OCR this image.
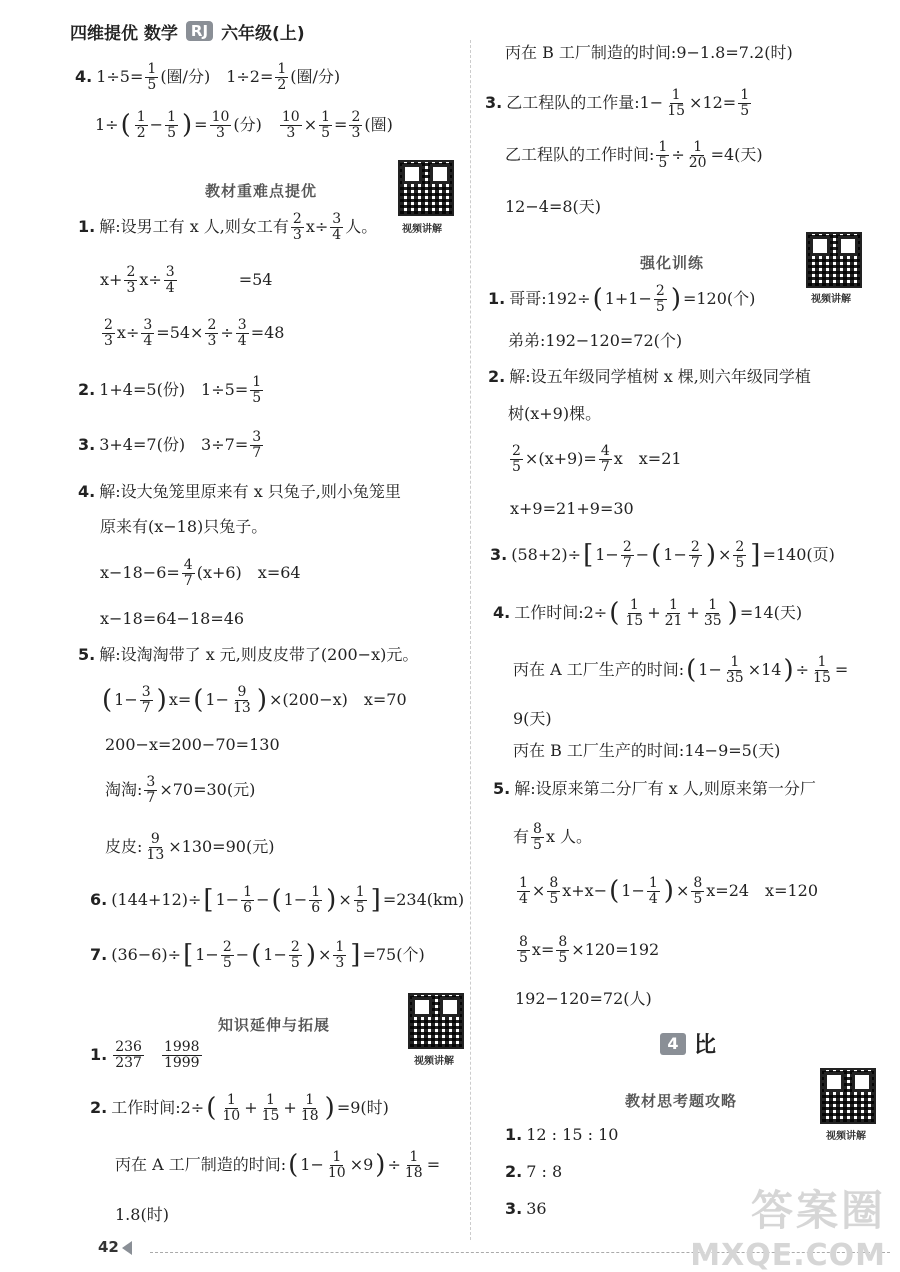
四维提优 数学 RJ 六年级(上)
4. $1\div 5= \frac{1}{5}$ (圈/分)　$1\div 2= \frac{1}{2}$ (圈/分)
1÷ ( $\frac{1}{2} - \frac{1}{5}$ ) = $\frac{10}{3}$ (分)　 $\frac{10}{3} \times \frac{1}{5} = \frac{2}{3}$ (圈)
教材重难点提优
视频讲解
1. 解:设男工有 x 人,则女工有 $\frac{2}{3} x\div \frac{3}{4}$ 人。
$x+ \frac{2}{3} x\div \frac{3}{4}$	=54
$\frac{2}{3} x\div \frac{3}{4} =54\times \frac{2}{3} \div \frac{3}{4} =48$
2. 1+4=5(份)　$1\div 5= \frac{1}{5}$
3. 3+4=7(份)　$3\div 7= \frac{3}{7}$
4. 解:设大兔笼里原来有 x 只兔子,则小兔笼里
原来有(x−18)只兔子。
$x-18-6= \frac{4}{7} (x+6)$　x=64
x−18=64−18=46
5. 解:设淘淘带了 x 元,则皮皮带了(200−x)元。
( $1- \frac{3}{7}$ ) x= ( $1- \frac{9}{13}$ ) ×(200−x)　x=70
200−x=200−70=130
淘淘: $\frac{3}{7} \times 70=30$(元)
皮皮: $\frac{9}{13} \times 130=90$(元)
6. (144+12)÷ [ $1- \frac{1}{6}$ − ( $1- \frac{1}{6}$ ) × $\frac{1}{5}$ ] =234(km)
7. (36−6)÷ [ $1- \frac{2}{5}$ − ( $1- \frac{2}{5}$ ) × $\frac{1}{3}$ ] =75(个)
知识延伸与拓展
视频讲解
1. $\frac{236}{237} \frac{1998}{1999}$
2. 工作时间:2÷ ( $\frac{1}{10} + \frac{1}{15} + \frac{1}{18}$ ) =9(时)
丙在 A 工厂制造的时间: ( $1- \frac{1}{10} \times 9$ ) ÷ $\frac{1}{18}$ =
1.8(时)
丙在 B 工厂制造的时间:9−1.8=7.2(时)
3. 乙工程队的工作量:1− $\frac{1}{15} \times 12= \frac{1}{5}$
乙工程队的工作时间: $\frac{1}{5} \div \frac{1}{20} =4$(天)
12−4=8(天)
强化训练
视频讲解
1. 哥哥:192÷ ( $1+1- \frac{2}{5}$ ) =120(个)
弟弟:192−120=72(个)
2. 解:设五年级同学植树 x 棵,则六年级同学植
树(x+9)棵。
$\frac{2}{5} \times(x+9)= \frac{4}{7}$ x　x=21
x+9=21+9=30
3. (58+2)÷ [ $1- \frac{2}{7}$ − ( $1- \frac{2}{7}$ ) × $\frac{2}{5}$ ] =140(页)
4. 工作时间:2÷ ( $\frac{1}{15} + \frac{1}{21} + \frac{1}{35}$ ) =14(天)
丙在 A 工厂生产的时间: ( $1- \frac{1}{35} \times 14$ ) ÷ $\frac{1}{15}$ =
9(天)
丙在 B 工厂生产的时间:14−9=5(天)
5. 解:设原来第二分厂有 x 人,则原来第一分厂
有 $\frac{8}{5}$ x 人。
$\frac{1}{4} \times \frac{8}{5} x+x-$ ( $1- \frac{1}{4}$ ) × $\frac{8}{5} x=24$　x=120
$\frac{8}{5} x= \frac{8}{5} \times 120=192$
192−120=72(人)
4 比
教材思考题攻略
视频讲解
1. 12 : 15 : 10
2. 7 : 8
3. 36
42
答案圈
MXQE.COM
